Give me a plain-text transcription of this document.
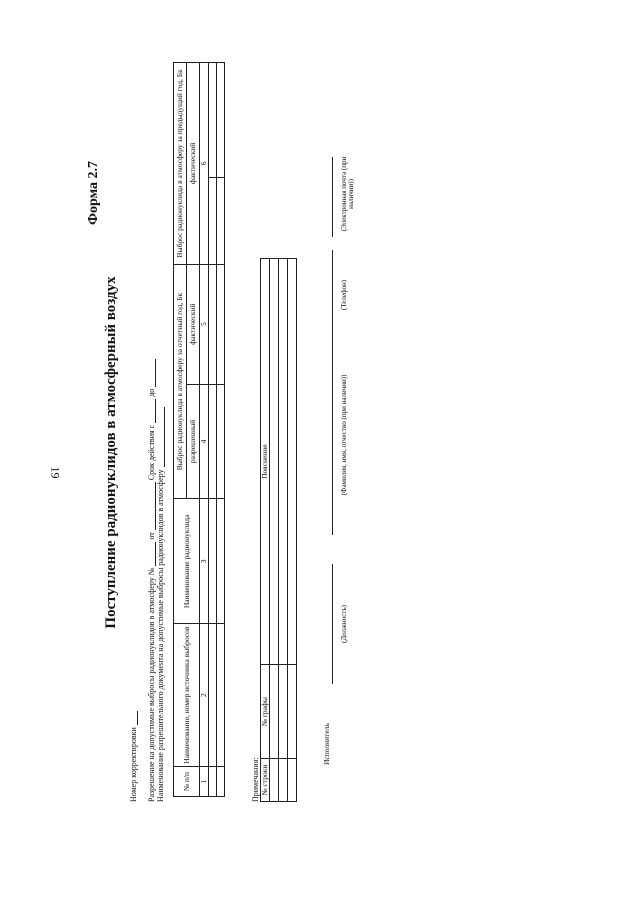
19
Форма 2.7
Поступление радионуклидов в атмосферный воздух
Номер корректировки Разрешение на допустимые выбросы радионуклидов в атмосферу №  от  Срок действия с  до
Наименование разрешительного документа на допустимые выбросы радионуклидов в атмосферу № п/п	Наименование, номер источника выбросов	Наименование радионуклида	Выброс радионуклида в атмосферу за отчетный год, Бк		Выброс радионуклида в атмосферу за предыдущий год, Бк	
			разрешенный	фактический	фактический	
1	2	3	4	5	6	

Примечания: № строки	№ графы	Пояснение

Исполнитель
(Должность)
(Фамилия, имя, отчество (при наличии))
(Телефон)
(Электронная почта (при наличии))
